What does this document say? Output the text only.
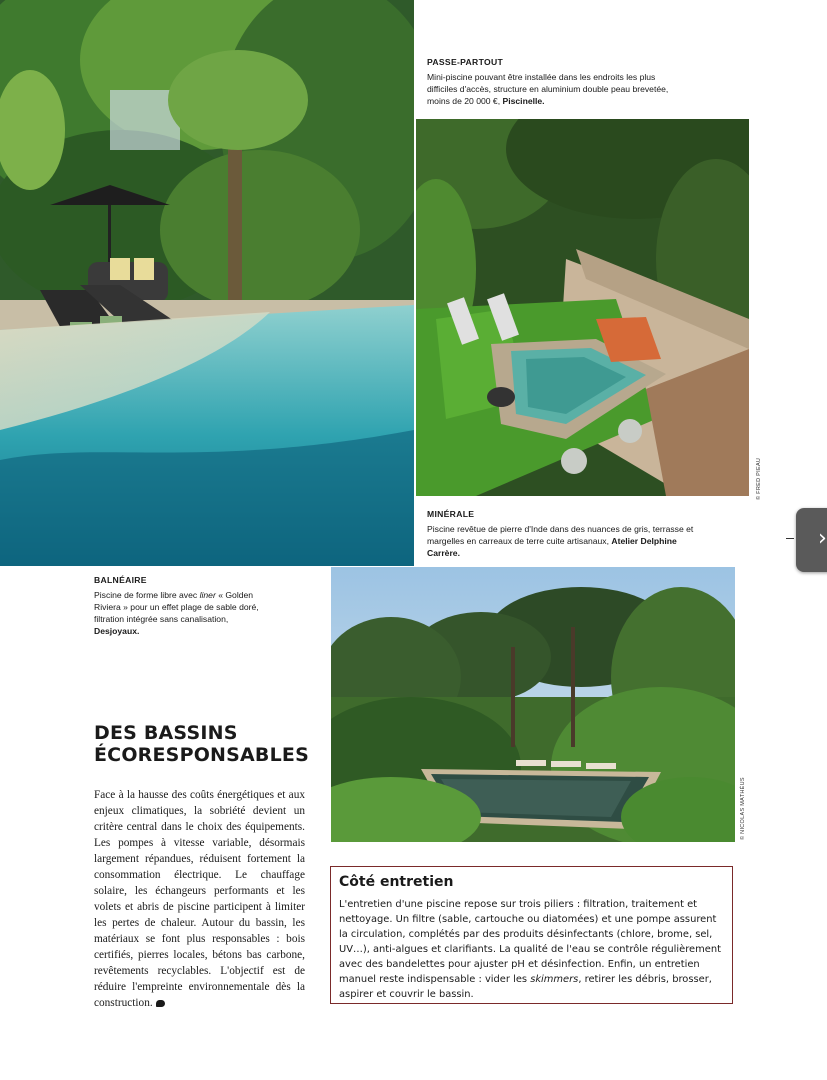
PASSE-PARTOUT
Mini-piscine pouvant être installée dans les endroits les plus difficiles d'accès, structure en aluminium double peau brevetée, moins de 20 000 €, Piscinelle.
© FRED PIEAU
MINÉRALE
Piscine revêtue de pierre d'Inde dans des nuances de gris, terrasse et margelles en carreaux de terre cuite artisanaux, Atelier Delphine Carrère.
BALNÉAIRE
Piscine de forme libre avec liner « Golden Riviera » pour un effet plage de sable doré, filtration intégrée sans canalisation, Desjoyaux.
© NICOLAS MATHÉUS
DES BASSINS
ÉCORESPONSABLES
Face à la hausse des coûts énergétiques et aux enjeux climatiques, la sobriété devient un critère central dans le choix des équipements. Les pompes à vitesse variable, désormais largement répandues, réduisent fortement la consommation électrique. Le chauffage solaire, les échangeurs performants et les volets et abris de piscine participent à limiter les pertes de chaleur. Autour du bassin, les matériaux se font plus responsables : bois certifiés, pierres locales, bétons bas carbone, revêtements recyclables. L'objectif est de réduire l'empreinte environnementale dès la construction.
Côté entretien
L'entretien d'une piscine repose sur trois piliers : filtration, traitement et nettoyage. Un filtre (sable, cartouche ou diatomées) et une pompe assurent la circulation, complétés par des produits désinfectants (chlore, brome, sel, UV…), anti-algues et clarifiants. La qualité de l'eau se contrôle régulièrement avec des bandelettes pour ajuster pH et désinfection. Enfin, un entretien manuel reste indispensable : vider les skimmers, retirer les débris, brosser, aspirer et couvrir le bassin.
›
